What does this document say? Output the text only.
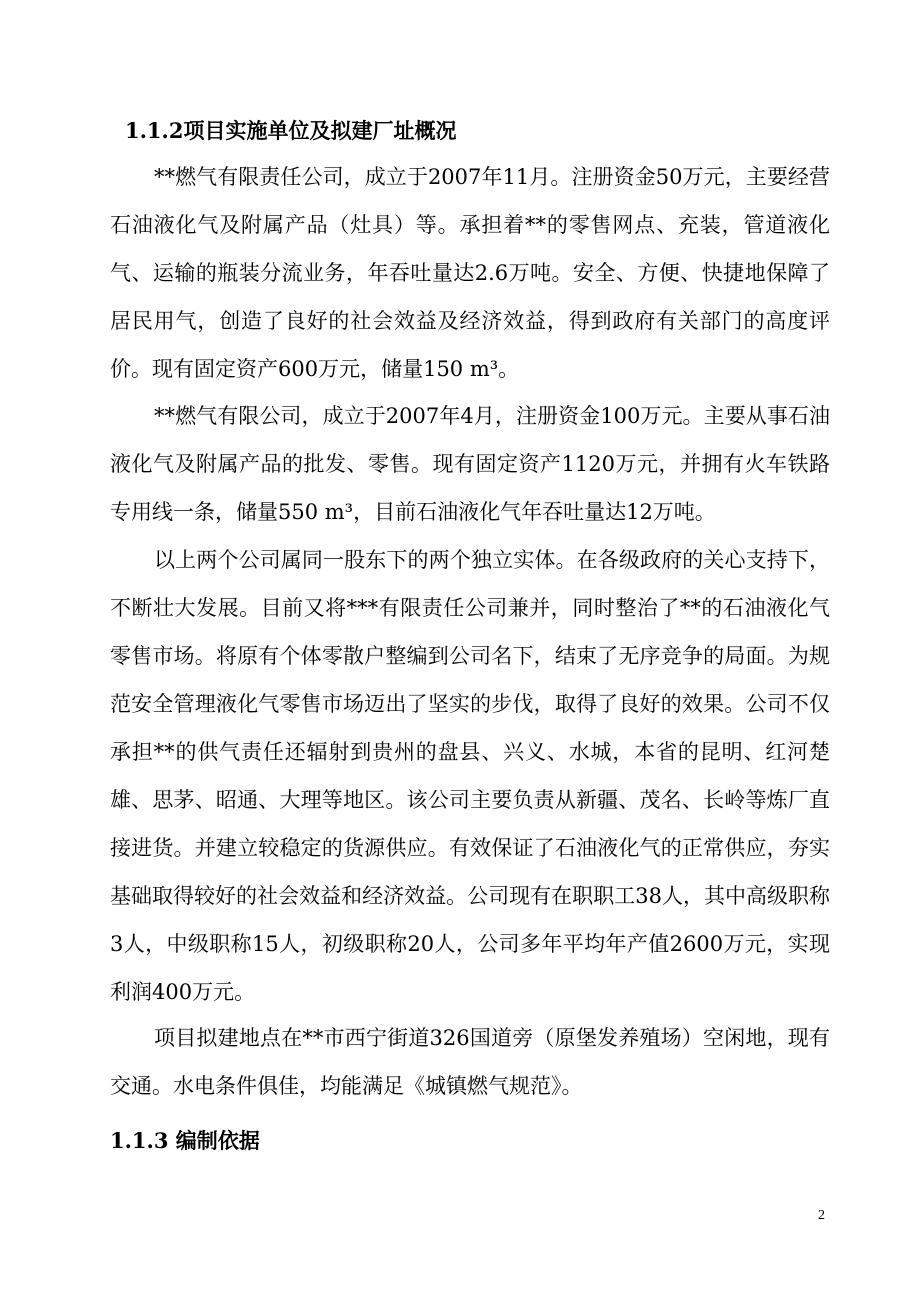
1.1.2项目实施单位及拟建厂址概况

**燃气有限责任公司，成立于2007年11月。注册资金50万元，主要经营石油液化气及附属产品（灶具）等。承担着**的零售网点、充装，管道液化气、运输的瓶装分流业务，年吞吐量达2.6万吨。安全、方便、快捷地保障了居民用气，创造了良好的社会效益及经济效益，得到政府有关部门的高度评价。现有固定资产600万元，储量150 m³。

**燃气有限公司，成立于2007年4月，注册资金100万元。主要从事石油液化气及附属产品的批发、零售。现有固定资产1120万元，并拥有火车铁路专用线一条，储量550 m³，目前石油液化气年吞吐量达12万吨。

以上两个公司属同一股东下的两个独立实体。在各级政府的关心支持下，不断壮大发展。目前又将***有限责任公司兼并，同时整治了**的石油液化气零售市场。将原有个体零散户整编到公司名下，结束了无序竞争的局面。为规范安全管理液化气零售市场迈出了坚实的步伐，取得了良好的效果。公司不仅承担**的供气责任还辐射到贵州的盘县、兴义、水城，本省的昆明、红河楚雄、思茅、昭通、大理等地区。该公司主要负责从新疆、茂名、长岭等炼厂直接进货。并建立较稳定的货源供应。有效保证了石油液化气的正常供应，夯实基础取得较好的社会效益和经济效益。公司现有在职职工38人，其中高级职称3人，中级职称15人，初级职称20人，公司多年平均年产值2600万元，实现利润400万元。

项目拟建地点在**市西宁街道326国道旁（原堡发养殖场）空闲地，现有交通。水电条件俱佳，均能满足《城镇燃气规范》。

1.1.3 编制依据
2
